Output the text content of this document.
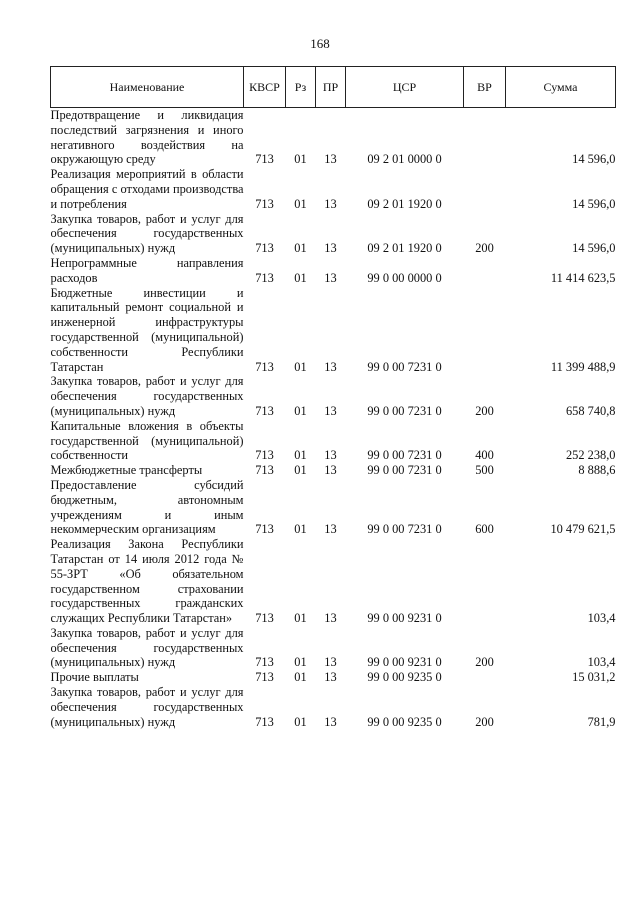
168
Наименование	КВСР	Рз	ПР	ЦСР	ВР	Сумма
Предотвращение и ликвидация последствий загрязнения и иного негативного воздействия на окружающую среду	713	01	13	09 2 01 0000 0		14 596,0
Реализация мероприятий в области обращения с отходами производства и потребления	713	01	13	09 2 01 1920 0		14 596,0
Закупка товаров, работ и услуг для обеспечения государственных (муниципальных) нужд	713	01	13	09 2 01 1920 0	200	14 596,0
Непрограммные направления расходов	713	01	13	99 0 00 0000 0		11 414 623,5
Бюджетные инвестиции и капитальный ремонт социальной и инженерной инфраструктуры государственной (муниципальной) собственности Республики Татарстан	713	01	13	99 0 00 7231 0		11 399 488,9
Закупка товаров, работ и услуг для обеспечения государственных (муниципальных) нужд	713	01	13	99 0 00 7231 0	200	658 740,8
Капитальные вложения в объекты государственной (муниципальной) собственности	713	01	13	99 0 00 7231 0	400	252 238,0
Межбюджетные трансферты	713	01	13	99 0 00 7231 0	500	8 888,6
Предоставление субсидий бюджетным, автономным учреждениям и иным некоммерческим организациям	713	01	13	99 0 00 7231 0	600	10 479 621,5
Реализация Закона Республики Татарстан от 14 июля 2012 года № 55-ЗРТ «Об обязательном государственном страховании государственных гражданских служащих Республики Татарстан»	713	01	13	99 0 00 9231 0		103,4
Закупка товаров, работ и услуг для обеспечения государственных (муниципальных) нужд	713	01	13	99 0 00 9231 0	200	103,4
Прочие выплаты	713	01	13	99 0 00 9235 0		15 031,2
Закупка товаров, работ и услуг для обеспечения государственных (муниципальных) нужд	713	01	13	99 0 00 9235 0	200	781,9
